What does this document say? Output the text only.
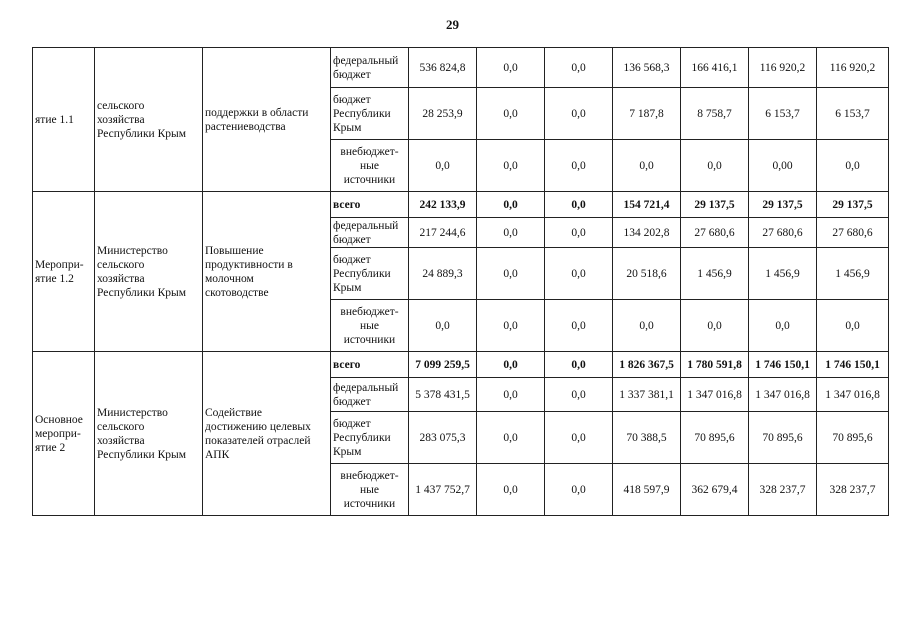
29
ятие 1.1	сельского
хозяйства
Республики Крым	поддержки в области
растениеводства	федеральный
бюджет	536 824,8	0,0	0,0	136 568,3	166 416,1	116 920,2	116 920,2
			бюджет
Республики
Крым	28 253,9	0,0	0,0	7 187,8	8 758,7	6 153,7	6 153,7
			внебюджет-
ные
источники	0,0	0,0	0,0	0,0	0,0	0,00	0,0
Меропри-
ятие 1.2	Министерство
сельского
хозяйства
Республики Крым	Повышение
продуктивности в
молочном
скотоводстве	всего	242 133,9	0,0	0,0	154 721,4	29 137,5	29 137,5	29 137,5
			федеральный
бюджет	217 244,6	0,0	0,0	134 202,8	27 680,6	27 680,6	27 680,6
			бюджет
Республики
Крым	24 889,3	0,0	0,0	20 518,6	1 456,9	1 456,9	1 456,9
			внебюджет-
ные
источники	0,0	0,0	0,0	0,0	0,0	0,0	0,0
Основное
меропри-
ятие 2	Министерство
сельского
хозяйства
Республики Крым	Содействие
достижению целевых
показателей отраслей
АПК	всего	7 099 259,5	0,0	0,0	1 826 367,5	1 780 591,8	1 746 150,1	1 746 150,1
			федеральный
бюджет	5 378 431,5	0,0	0,0	1 337 381,1	1 347 016,8	1 347 016,8	1 347 016,8
			бюджет
Республики
Крым	283 075,3	0,0	0,0	70 388,5	70 895,6	70 895,6	70 895,6
			внебюджет-
ные
источники	1 437 752,7	0,0	0,0	418 597,9	362 679,4	328 237,7	328 237,7
